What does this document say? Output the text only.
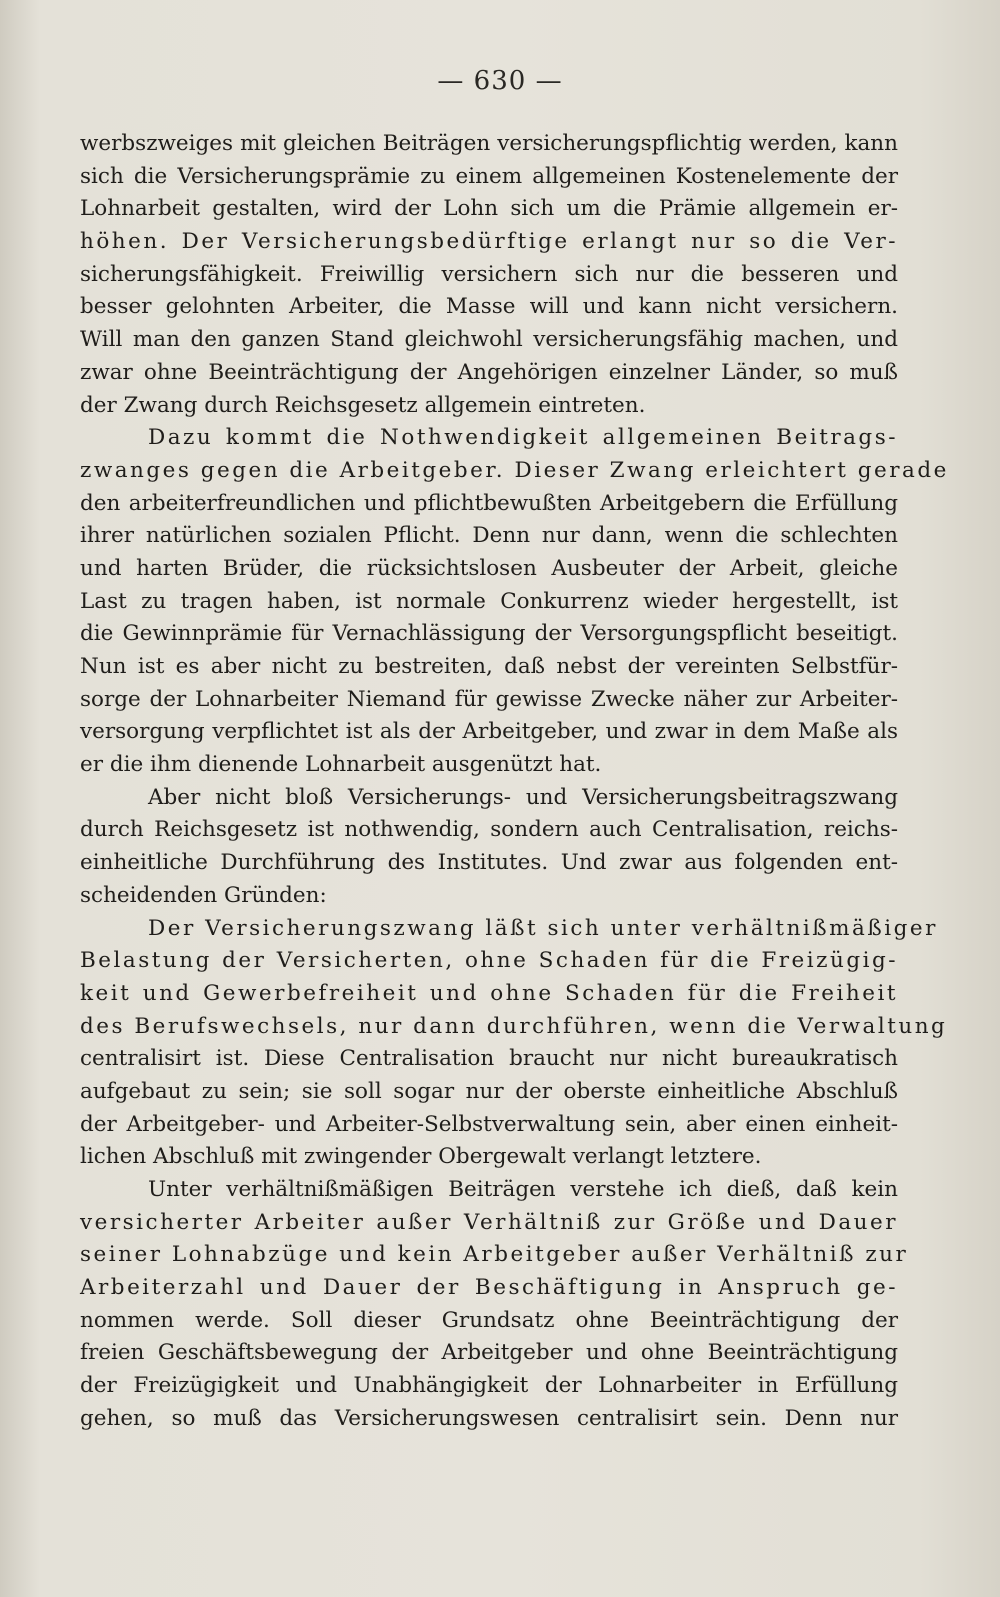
— 630 —
werbszweiges mit gleichen Beiträgen versicherungspflichtig werden, kann
sich die Versicherungsprämie zu einem allgemeinen Kostenelemente der
Lohnarbeit gestalten, wird der Lohn sich um die Prämie allgemein er-
höhen. Der Versicherungsbedürftige erlangt nur so die Ver-
sicherungsfähigkeit. Freiwillig versichern sich nur die besseren und
besser gelohnten Arbeiter, die Masse will und kann nicht versichern.
Will man den ganzen Stand gleichwohl versicherungsfähig machen, und
zwar ohne Beeinträchtigung der Angehörigen einzelner Länder, so muß
der Zwang durch Reichsgesetz allgemein eintreten.
Dazu kommt die Nothwendigkeit allgemeinen Beitrags-
zwanges gegen die Arbeitgeber. Dieser Zwang erleichtert gerade
den arbeiterfreundlichen und pflichtbewußten Arbeitgebern die Erfüllung
ihrer natürlichen sozialen Pflicht. Denn nur dann, wenn die schlechten
und harten Brüder, die rücksichtslosen Ausbeuter der Arbeit, gleiche
Last zu tragen haben, ist normale Conkurrenz wieder hergestellt, ist
die Gewinnprämie für Vernachlässigung der Versorgungspflicht beseitigt.
Nun ist es aber nicht zu bestreiten, daß nebst der vereinten Selbstfür-
sorge der Lohnarbeiter Niemand für gewisse Zwecke näher zur Arbeiter-
versorgung verpflichtet ist als der Arbeitgeber, und zwar in dem Maße als
er die ihm dienende Lohnarbeit ausgenützt hat.
Aber nicht bloß Versicherungs- und Versicherungsbeitragszwang
durch Reichsgesetz ist nothwendig, sondern auch Centralisation, reichs-
einheitliche Durchführung des Institutes. Und zwar aus folgenden ent-
scheidenden Gründen:
Der Versicherungszwang läßt sich unter verhältnißmäßiger
Belastung der Versicherten, ohne Schaden für die Freizügig-
keit und Gewerbefreiheit und ohne Schaden für die Freiheit
des Berufswechsels, nur dann durchführen, wenn die Verwaltung
centralisirt ist. Diese Centralisation braucht nur nicht bureaukratisch
aufgebaut zu sein; sie soll sogar nur der oberste einheitliche Abschluß
der Arbeitgeber- und Arbeiter-Selbstverwaltung sein, aber einen einheit-
lichen Abschluß mit zwingender Obergewalt verlangt letztere.
Unter verhältnißmäßigen Beiträgen verstehe ich dieß, daß kein
versicherter Arbeiter außer Verhältniß zur Größe und Dauer
seiner Lohnabzüge und kein Arbeitgeber außer Verhältniß zur
Arbeiterzahl und Dauer der Beschäftigung in Anspruch ge-
nommen werde. Soll dieser Grundsatz ohne Beeinträchtigung der
freien Geschäftsbewegung der Arbeitgeber und ohne Beeinträchtigung
der Freizügigkeit und Unabhängigkeit der Lohnarbeiter in Erfüllung
gehen, so muß das Versicherungswesen centralisirt sein. Denn nur
